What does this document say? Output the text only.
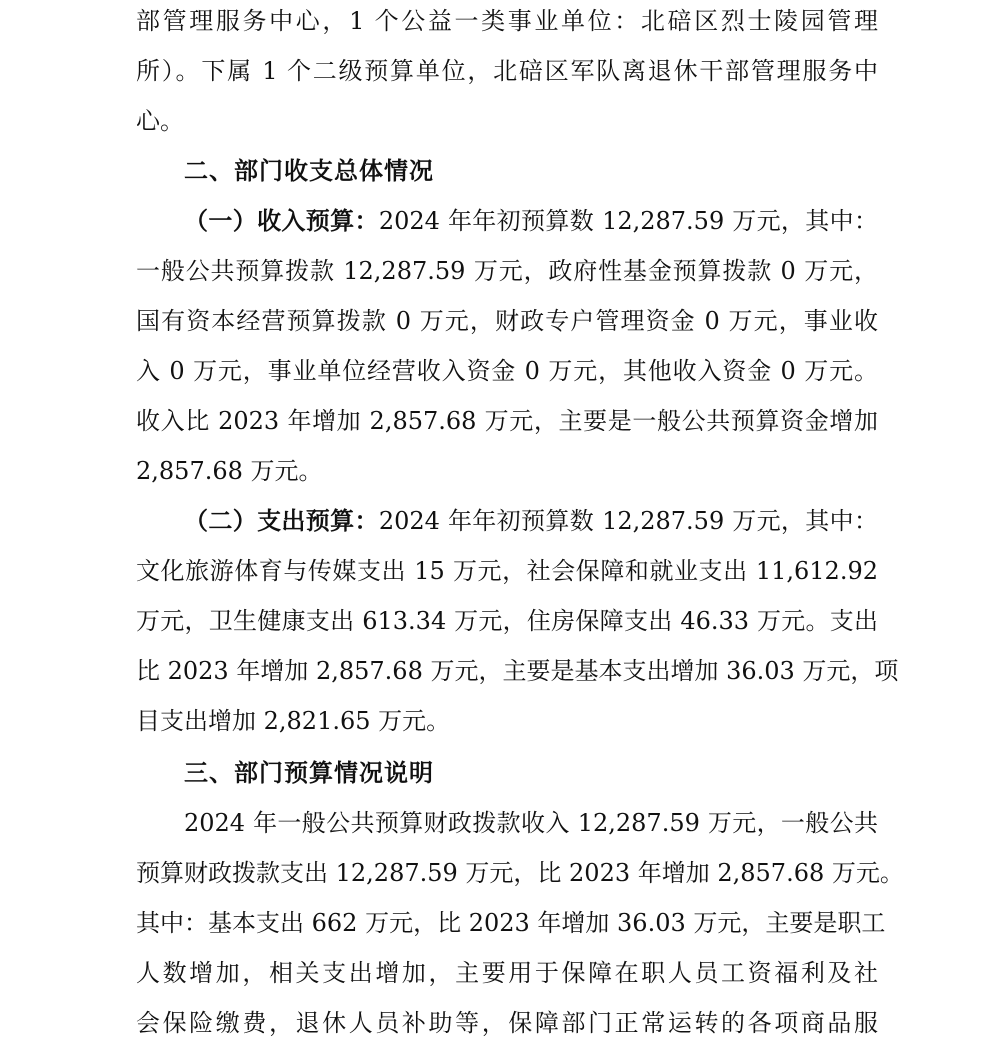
部管理服务中心，1 个公益一类事业单位：北碚区烈士陵园管理
所）。下属 1 个二级预算单位，北碚区军队离退休干部管理服务中
心。
二、部门收支总体情况
（一）收入预算：2024 年年初预算数 12,287.59 万元，其中：
一般公共预算拨款 12,287.59 万元，政府性基金预算拨款 0 万元，
国有资本经营预算拨款 0 万元，财政专户管理资金 0 万元，事业收
入 0 万元，事业单位经营收入资金 0 万元，其他收入资金 0 万元。
收入比 2023 年增加 2,857.68 万元，主要是一般公共预算资金增加
2,857.68 万元。
（二）支出预算：2024 年年初预算数 12,287.59 万元，其中：
文化旅游体育与传媒支出 15 万元，社会保障和就业支出 11,612.92
万元，卫生健康支出 613.34 万元，住房保障支出 46.33 万元。支出
比 2023 年增加 2,857.68 万元，主要是基本支出增加 36.03 万元，项
目支出增加 2,821.65 万元。
三、部门预算情况说明
2024 年一般公共预算财政拨款收入 12,287.59 万元，一般公共
预算财政拨款支出 12,287.59 万元，比 2023 年增加 2,857.68 万元。
其中：基本支出 662 万元，比 2023 年增加 36.03 万元，主要是职工
人数增加，相关支出增加，主要用于保障在职人员工资福利及社
会保险缴费，退休人员补助等，保障部门正常运转的各项商品服
